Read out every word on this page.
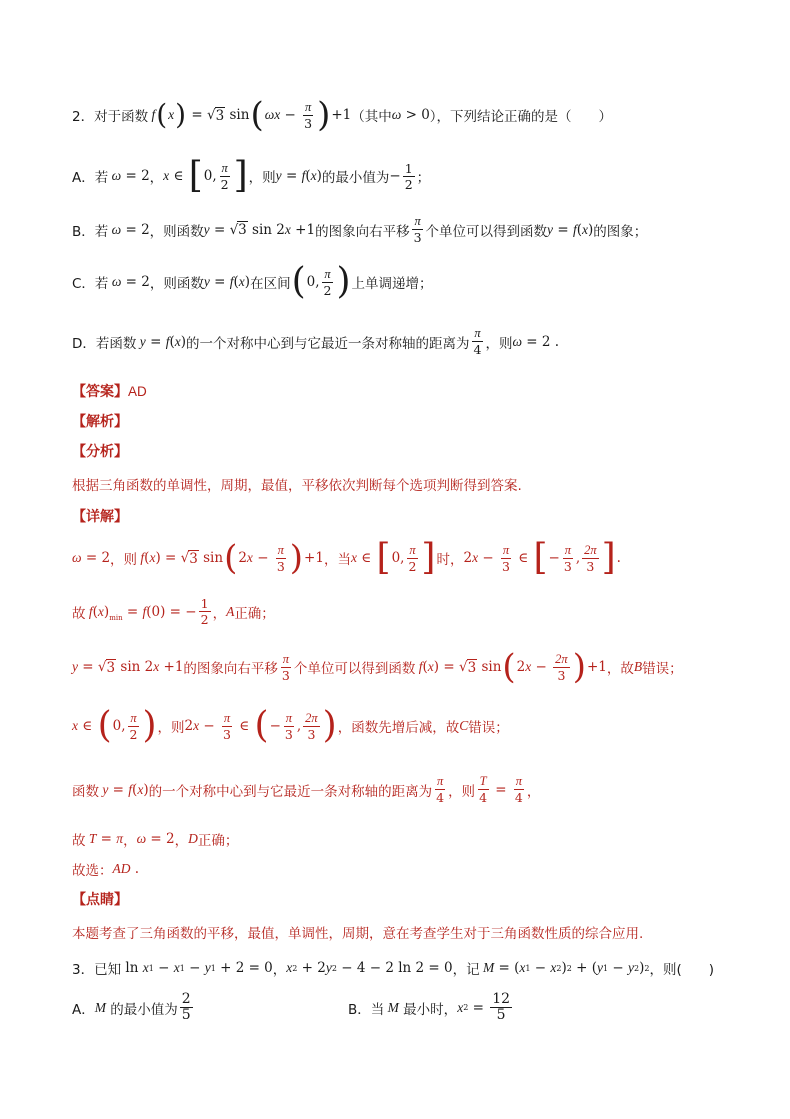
2．对于函数 f ( x ) = √ 3 sin ( $\omega x - \frac{\pi}{3}$ ) +1 （其中 ω > 0 ），下列结论正确的是（　　）
A．若 ω = 2 ， x ∈ [ 0, $\frac{\pi}{2}$ ] ，则 y = f ( x ) 的最小值为 − $\frac{1}{2}$ ；
B．若 ω = 2 ，则函数 y = √ 3 sin 2 x +1 的图象向右平移 $\frac{\pi}{3}$ 个单位可以得到函数 y = f ( x ) 的图象；
C．若 ω = 2 ，则函数 y = f ( x ) 在区间 ( 0, $\frac{\pi}{2}$ ) 上单调递增；
D．若函数 y = f ( x ) 的一个对称中心到与它最近一条对称轴的距离为 $\frac{\pi}{4}$ ，则 ω = 2 .
【答案】 AD
【解析】
【分析】
根据三角函数的单调性，周期，最值，平移依次判断每个选项判断得到答案.
【详解】
ω = 2 ，则 f ( x ) = √ 3 sin ( 2 $x - \frac{\pi}{3}$ ) +1 ，当 x ∈ [ 0, $\frac{\pi}{2}$ ] 时， 2 $x - \frac{\pi}{3}$ ∈ [ − $\frac{\pi}{3}$ , $\frac{2\pi}{3}$ ] .
故 f ( x )$_{min} = f$ (0) = − $\frac{1}{2}$ ， A 正确；
y = √ 3 sin 2 x +1 的图象向右平移 $\frac{\pi}{3}$ 个单位可以得到函数 f ( x ) = √ 3 sin ( 2 $x - \frac{2\pi}{3}$ ) +1 ，故 B 错误；
x ∈ ( 0, $\frac{\pi}{2}$ ) ，则 2 $x - \frac{\pi}{3}$ ∈ ( − $\frac{\pi}{3}$ , $\frac{2\pi}{3}$ ) ，函数先增后减，故 C 错误；
函数 y = f ( x ) 的一个对称中心到与它最近一条对称轴的距离为 $\frac{\pi}{4}$ ，则 $\frac{T}{4} = \frac{\pi}{4}$ ，
故 T = π ， ω = 2 ， D 正确；
故选： AD .
【点睛】
本题考查了三角函数的平移，最值，单调性，周期，意在考查学生对于三角函数性质的综合应用.
3．已知 ln x 1 − x 1 − y 1 + 2 = 0 ， x 2 + 2 y 2 − 4 − 2 ln 2 = 0 ，记 M = ( x 1 − x 2 ) 2 + ( y 1 − y 2 ) 2 ，则(　　)
A． M 的最小值为 $\frac{2}{5}$	B．当 M 最小时， x $2 = \frac{12}{5}$
